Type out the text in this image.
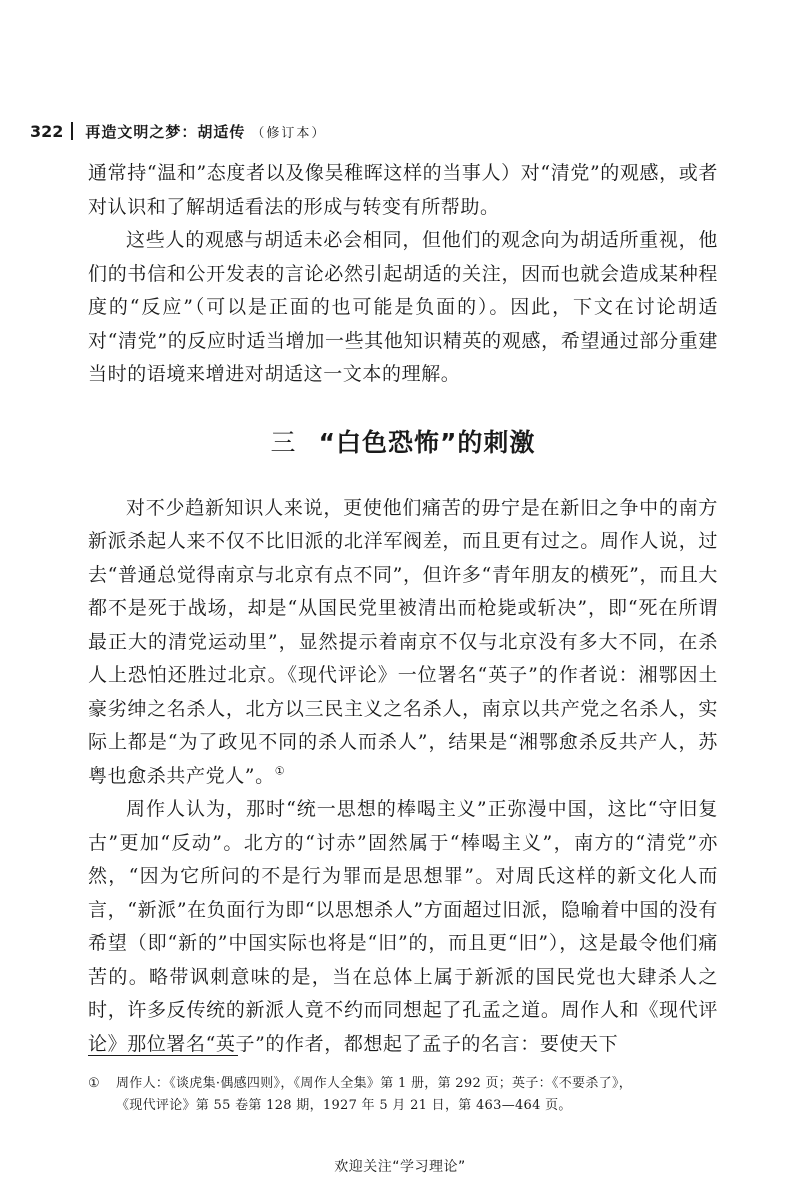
322 再造文明之梦：胡适传 （修订本）

通常持“温和”态度者以及像吴稚晖这样的当事人）对“清党”的观感，或者对认识和了解胡适看法的形成与转变有所帮助。

这些人的观感与胡适未必会相同，但他们的观念向为胡适所重视，他们的书信和公开发表的言论必然引起胡适的关注，因而也就会造成某种程度的“反应”（可以是正面的也可能是负面的）。因此，下文在讨论胡适对“清党”的反应时适当增加一些其他知识精英的观感，希望通过部分重建当时的语境来增进对胡适这一文本的理解。

三 “白色恐怖”的刺激

对不少趋新知识人来说，更使他们痛苦的毋宁是在新旧之争中的南方新派杀起人来不仅不比旧派的北洋军阀差，而且更有过之。周作人说，过去“普通总觉得南京与北京有点不同”，但许多“青年朋友的横死”，而且大都不是死于战场，却是“从国民党里被清出而枪毙或斩决”，即“死在所谓最正大的清党运动里”，显然提示着南京不仅与北京没有多大不同，在杀人上恐怕还胜过北京。《现代评论》一位署名“英子”的作者说：湘鄂因土豪劣绅之名杀人，北方以三民主义之名杀人，南京以共产党之名杀人，实际上都是“为了政见不同的杀人而杀人”，结果是“湘鄂愈杀反共产人，苏粤也愈杀共产党人”。①

周作人认为，那时“统一思想的棒喝主义”正弥漫中国，这比“守旧复古”更加“反动”。北方的“讨赤”固然属于“棒喝主义”，南方的“清党”亦然，“因为它所问的不是行为罪而是思想罪”。对周氏这样的新文化人而言，“新派”在负面行为即“以思想杀人”方面超过旧派，隐喻着中国的没有希望（即“新的”中国实际也将是“旧”的，而且更“旧”），这是最令他们痛苦的。略带讽刺意味的是，当在总体上属于新派的国民党也大肆杀人之时，许多反传统的新派人竟不约而同想起了孔孟之道。周作人和《现代评论》那位署名“英子”的作者，都想起了孟子的名言：要使天下

① 周作人：《谈虎集·偶感四则》，《周作人全集》第 1 册，第 292 页；英子：《不要杀了》，
《现代评论》第 55 卷第 128 期，1927 年 5 月 21 日，第 463—464 页。
欢迎关注“学习理论”
